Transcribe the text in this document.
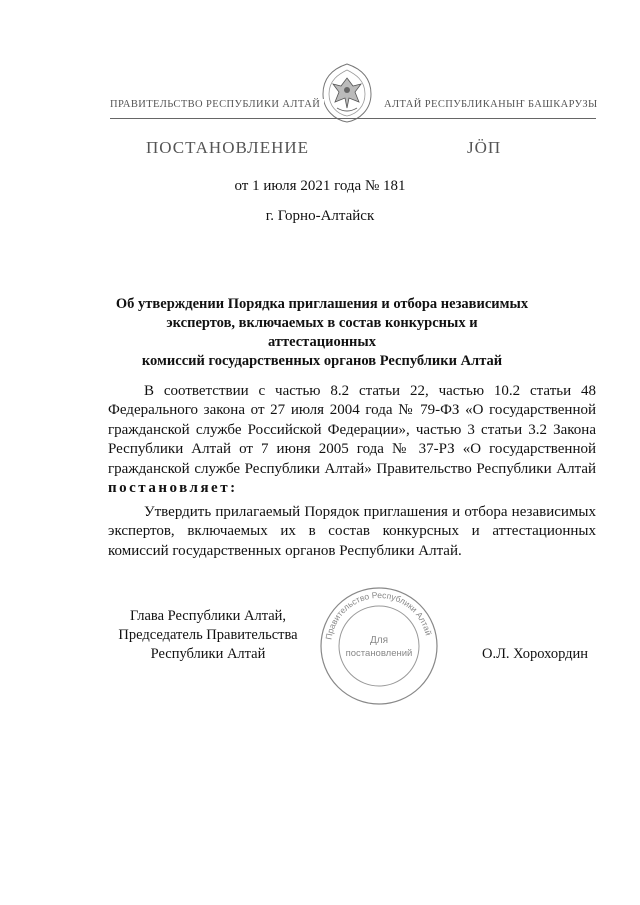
ПРАВИТЕЛЬСТВО РЕСПУБЛИКИ АЛТАЙ	АЛТАЙ РЕСПУБЛИКАНЫҤ БАШКАРУЗЫ
ПОСТАНОВЛЕНИЕ	ЈӦП
от 1 июля 2021 года № 181
г. Горно-Алтайск
Об утверждении Порядка приглашения и отбора независимых
экспертов, включаемых в состав конкурсных и аттестационных
комиссий государственных органов Республики Алтай
В соответствии с частью 8.2 статьи 22, частью 10.2 статьи 48 Федерального закона от 27 июля 2004 года № 79-ФЗ «О государственной гражданской службе Российской Федерации», частью 3 статьи 3.2 Закона Республики Алтай от 7 июня 2005 года № 37-РЗ «О государственной гражданской службе Республики Алтай» Правительство Республики Алтай постановляет:
Утвердить прилагаемый Порядок приглашения и отбора независимых экспертов, включаемых их в состав конкурсных и аттестационных комиссий государственных органов Республики Алтай.
Глава Республики Алтай,
Председатель Правительства
Республики Алтай
Правительство Республики Алтай
Для
постановлений	О.Л. Хорохордин
